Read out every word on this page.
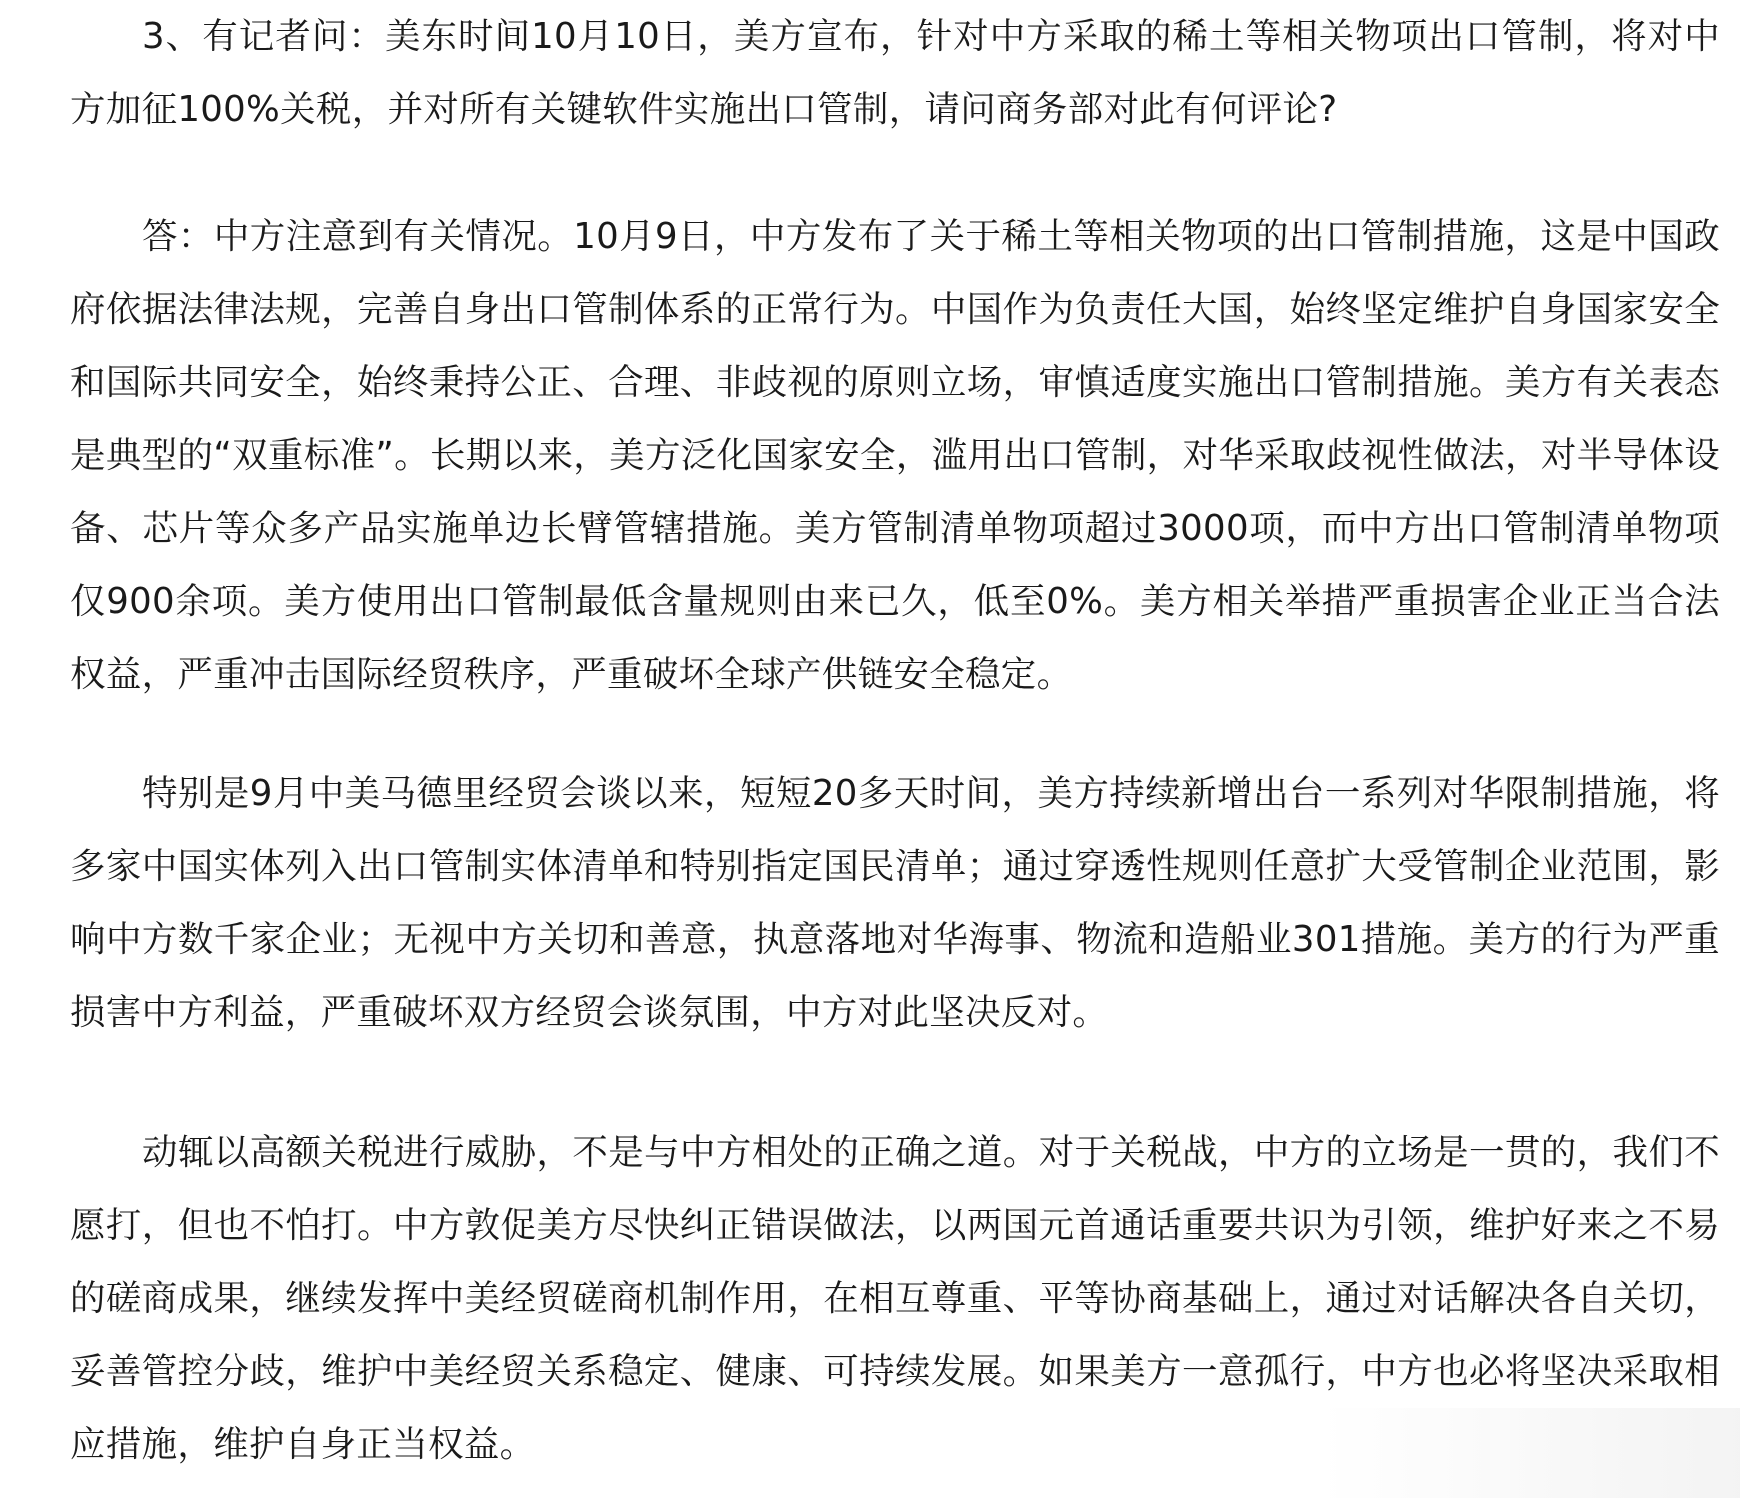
3、有记者问：美东时间10月10日，美方宣布，针对中方采取的稀土等相关物项出口管制，将对中方加征100%关税，并对所有关键软件实施出口管制，请问商务部对此有何评论?

答：中方注意到有关情况。10月9日，中方发布了关于稀土等相关物项的出口管制措施，这是中国政府依据法律法规，完善自身出口管制体系的正常行为。中国作为负责任大国，始终坚定维护自身国家安全和国际共同安全，始终秉持公正、合理、非歧视的原则立场，审慎适度实施出口管制措施。美方有关表态是典型的“双重标准”。长期以来，美方泛化国家安全，滥用出口管制，对华采取歧视性做法，对半导体设备、芯片等众多产品实施单边长臂管辖措施。美方管制清单物项超过3000项，而中方出口管制清单物项仅900余项。美方使用出口管制最低含量规则由来已久，低至0%。美方相关举措严重损害企业正当合法权益，严重冲击国际经贸秩序，严重破坏全球产供链安全稳定。

特别是9月中美马德里经贸会谈以来，短短20多天时间，美方持续新增出台一系列对华限制措施，将多家中国实体列入出口管制实体清单和特别指定国民清单；通过穿透性规则任意扩大受管制企业范围，影响中方数千家企业；无视中方关切和善意，执意落地对华海事、物流和造船业301措施。美方的行为严重损害中方利益，严重破坏双方经贸会谈氛围，中方对此坚决反对。

动辄以高额关税进行威胁，不是与中方相处的正确之道。对于关税战，中方的立场是一贯的，我们不愿打，但也不怕打。中方敦促美方尽快纠正错误做法，以两国元首通话重要共识为引领，维护好来之不易的磋商成果，继续发挥中美经贸磋商机制作用，在相互尊重、平等协商基础上，通过对话解决各自关切，妥善管控分歧，维护中美经贸关系稳定、健康、可持续发展。如果美方一意孤行，中方也必将坚决采取相应措施，维护自身正当权益。
